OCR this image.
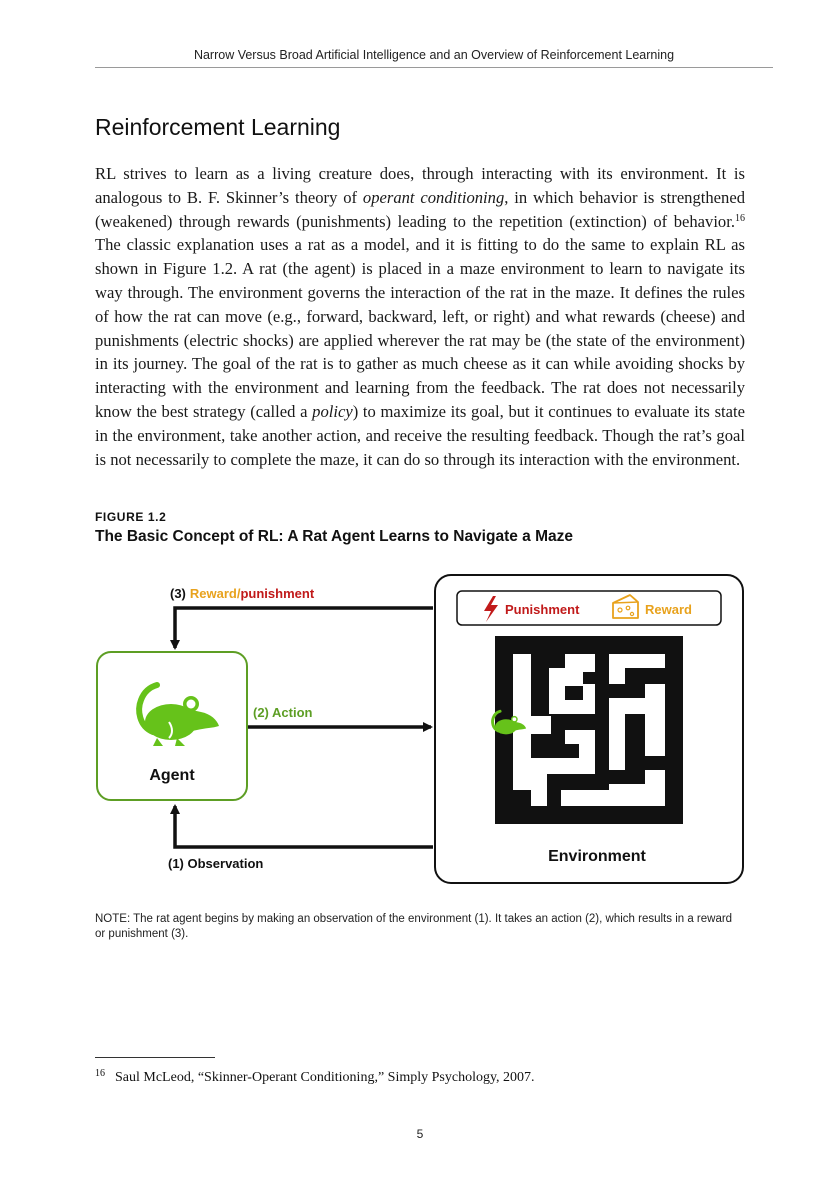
Narrow Versus Broad Artificial Intelligence and an Overview of Reinforcement Learning
Reinforcement Learning

RL strives to learn as a living creature does, through interacting with its environment. It is analogous to B. F. Skinner’s theory of operant conditioning, in which behavior is strengthened (weakened) through rewards (punishments) leading to the repetition (extinction) of behavior.$^{16}$ The classic explanation uses a rat as a model, and it is fitting to do the same to explain RL as shown in Figure 1.2. A rat (the agent) is placed in a maze environment to learn to navigate its way through. The environment governs the interaction of the rat in the maze. It defines the rules of how the rat can move (e.g., forward, backward, left, or right) and what rewards (cheese) and punishments (electric shocks) are applied wherever the rat may be (the state of the environment) in its journey. The goal of the rat is to gather as much cheese as it can while avoiding shocks by interacting with the environment and learning from the feedback. The rat does not necessarily know the best strategy (called a policy) to maximize its goal, but it continues to evaluate its state in the environment, take another action, and receive the resulting feedback. Though the rat’s goal is not necessarily to complete the maze, it can do so through its interaction with the environment.

FIGURE 1.2
The Basic Concept of RL: A Rat Agent Learns to Navigate a Maze
(3) Reward/punishment
(2) Action
(1) Observation
Agent
Punishment	Reward
Environment

NOTE: The rat agent begins by making an observation of the environment (1). It takes an action (2), which results in a reward or punishment (3).

$^{16}$ Saul McLeod, “Skinner-Operant Conditioning,” Simply Psychology, 2007.
5
